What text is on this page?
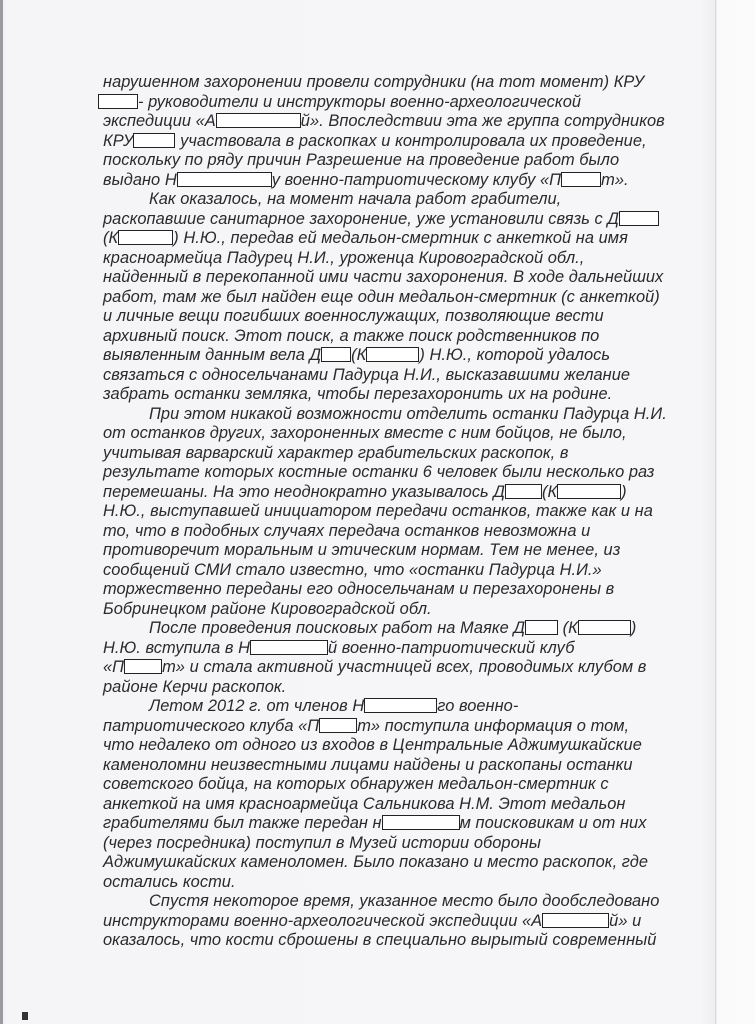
нарушенном захоронении провели сотрудники (на тот момент) КРУ
- руководители и инструкторы военно-археологической
экспедиции «А	й». Впоследствии эта же группа сотрудников
КРУ	участвовала в раскопках и контролировала их проведение,
поскольку по ряду причин Разрешение на проведение работ было
выдано Н	у военно-патриотическому клубу «П т».
Как оказалось, на момент начала работ грабители,
раскопавшие санитарное захоронение, уже установили связь с Д
(К	) Н.Ю., передав ей медальон-смертник с анкеткой на имя
красноармейца Падурец Н.И., уроженца Кировоградской обл.,
найденный в перекопанной ими части захоронения. В ходе дальнейших
работ, там же был найден еще один медальон-смертник (с анкеткой)
и личные вещи погибших военнослужащих, позволяющие вести
архивный поиск. Этот поиск, а также поиск родственников по
выявленным данным вела Д (К	) Н.Ю., которой удалось
связаться с односельчанами Падурца Н.И., высказавшими желание
забрать останки земляка, чтобы перезахоронить их на родине.
При этом никакой возможности отделить останки Падурца Н.И.
от останков других, захороненных вместе с ним бойцов, не было,
учитывая варварский характер грабительских раскопок, в
результате которых костные останки 6 человек были несколько раз
перемешаны. На это неоднократно указывалось Д (К	)
Н.Ю., выступавшей инициатором передачи останков, также как и на
то, что в подобных случаях передача останков невозможна и
противоречит моральным и этическим нормам. Тем не менее, из
сообщений СМИ стало известно, что «останки Падурца Н.И.»
торжественно переданы его односельчанам и перезахоронены в
Бобринецком районе Кировоградской обл.
После проведения поисковых работ на Маяке Д (К	)
Н.Ю. вступила в Н	й военно-патриотический клуб
«П т» и стала активной участницей всех, проводимых клубом в
районе Керчи раскопок.
Летом 2012 г. от членов Н	го военно-
патриотического клуба «П т» поступила информация о том,
что недалеко от одного из входов в Центральные Аджимушкайские
каменоломни неизвестными лицами найдены и раскопаны останки
советского бойца, на которых обнаружен медальон-смертник с
анкеткой на имя красноармейца Сальникова Н.М. Этот медальон
грабителями был также передан н	м поисковикам и от них
(через посредника) поступил в Музей истории обороны
Аджимушкайских каменоломен. Было показано и место раскопок, где
остались кости.
Спустя некоторое время, указанное место было дообследовано
инструкторами военно-археологической экспедиции «А	й» и
оказалось, что кости сброшены в специально вырытый современный
